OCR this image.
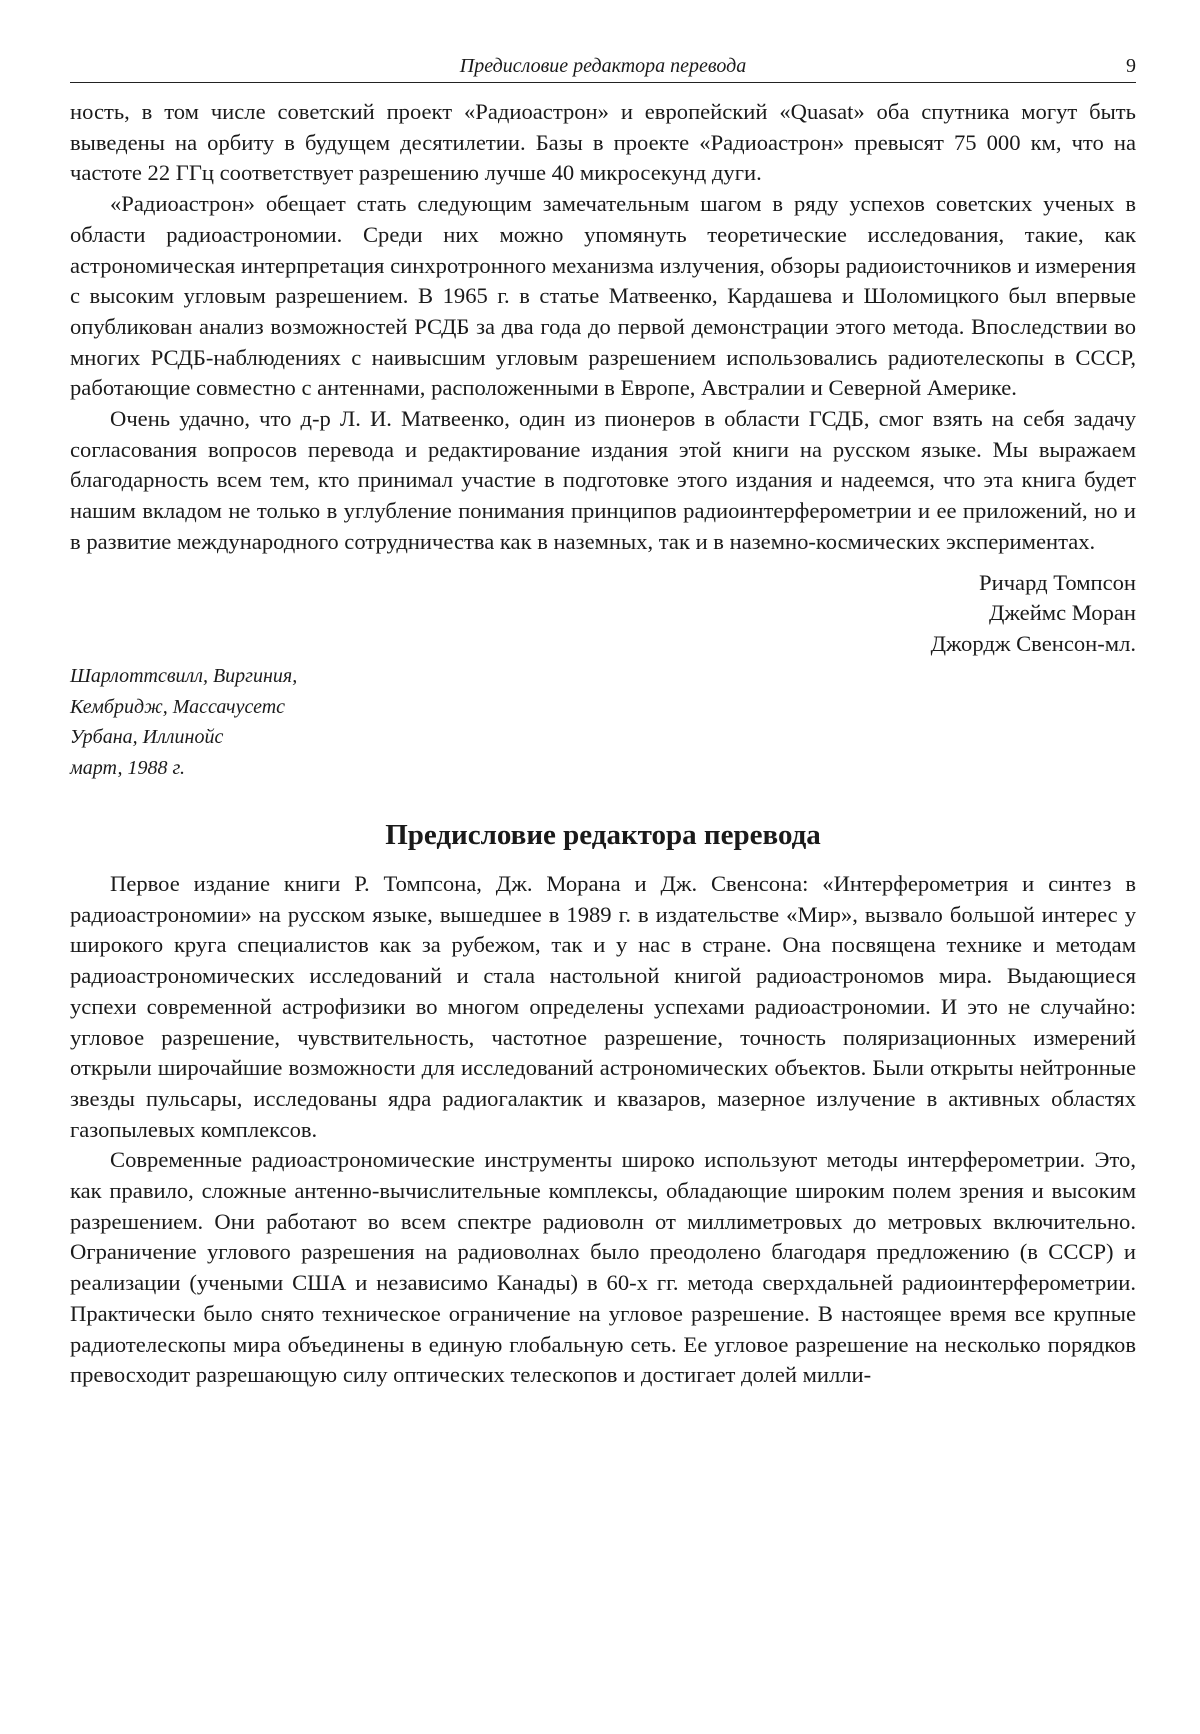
Предисловие редактора перевода	9

ность, в том числе советский проект «Радиоастрон» и европейский «Quasat» оба спутника могут быть выведены на орбиту в будущем десятилетии. Базы в проекте «Радиоастрон» превысят 75 000 км, что на частоте 22 ГГц соответствует разрешению лучше 40 микросекунд дуги.

«Радиоастрон» обещает стать следующим замечательным шагом в ряду успехов советских ученых в области радиоастрономии. Среди них можно упомянуть теоретические исследования, такие, как астрономическая интерпретация синхротронного механизма излучения, обзоры радиоисточников и измерения с высоким угловым разрешением. В 1965 г. в статье Матвеенко, Кардашева и Шоломицкого был впервые опубликован анализ возможностей РСДБ за два года до первой демонстрации этого метода. Впоследствии во многих РСДБ-наблюдениях с наивысшим угловым разрешением использовались радиотелескопы в СССР, работающие совместно с антеннами, расположенными в Европе, Австралии и Северной Америке.

Очень удачно, что д-р Л. И. Матвеенко, один из пионеров в области ГСДБ, смог взять на себя задачу согласования вопросов перевода и редактирование издания этой книги на русском языке. Мы выражаем благодарность всем тем, кто принимал участие в подготовке этого издания и надеемся, что эта книга будет нашим вкладом не только в углубление понимания принципов радиоинтерферометрии и ее приложений, но и в развитие международного сотрудничества как в наземных, так и в наземно-космических экспериментах.

Ричард Томпсон
Джеймс Моран
Джордж Свенсон-мл.
Шарлоттсвилл, Виргиния,
Кембридж, Массачусетс
Урбана, Иллинойс
март, 1988 г.
Предисловие редактора перевода

Первое издание книги Р. Томпсона, Дж. Морана и Дж. Свенсона: «Интерферометрия и синтез в радиоастрономии» на русском языке, вышедшее в 1989 г. в издательстве «Мир», вызвало большой интерес у широкого круга специалистов как за рубежом, так и у нас в стране. Она посвящена технике и методам радиоастрономических исследований и стала настольной книгой радиоастрономов мира. Выдающиеся успехи современной астрофизики во многом определены успехами радиоастрономии. И это не случайно: угловое разрешение, чувствительность, частотное разрешение, точность поляризационных измерений открыли широчайшие возможности для исследований астрономических объектов. Были открыты нейтронные звезды пульсары, исследованы ядра радиогалактик и квазаров, мазерное излучение в активных областях газопылевых комплексов.

Современные радиоастрономические инструменты широко используют методы интерферометрии. Это, как правило, сложные антенно-вычислительные комплексы, обладающие широким полем зрения и высоким разрешением. Они работают во всем спектре радиоволн от миллиметровых до метровых включительно. Ограничение углового разрешения на радиоволнах было преодолено благодаря предложению (в СССР) и реализации (учеными США и независимо Канады) в 60-х гг. метода сверхдальней радиоинтерферометрии. Практически было снято техническое ограничение на угловое разрешение. В настоящее время все крупные радиотелескопы мира объединены в единую глобальную сеть. Ее угловое разрешение на несколько порядков превосходит разрешающую силу оптических телескопов и достигает долей милли-
